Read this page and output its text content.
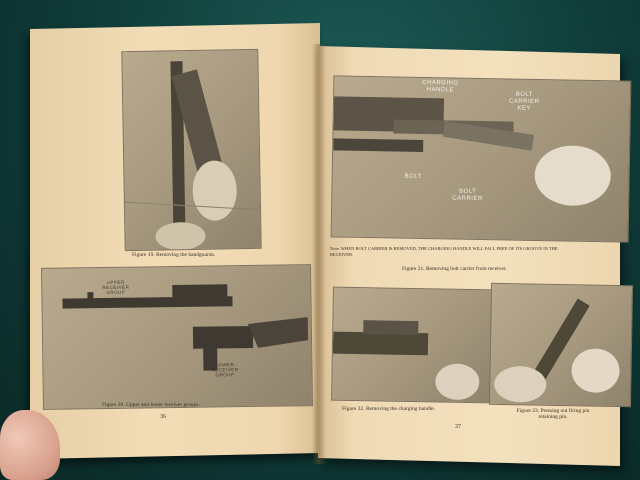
Figure 19. Removing the handguards.
UPPER
RECEIVER
GROUP
LOWER
RECEIVER
GROUP
Figure 20. Upper and lower receiver groups.
36
CHARGING
HANDLE
BOLT
CARRIER
KEY
BOLT
BOLT
CARRIER
Note. WHEN BOLT CARRIER IS REMOVED, THE CHARGING HANDLE WILL FALL FREE OF ITS GROOVE IN THE RECEIVER.
Figure 21. Removing bolt carrier from receiver.
Figure 22. Removing the charging handle.	Figure 23. Pressing out firing pin retaining pin.
37
